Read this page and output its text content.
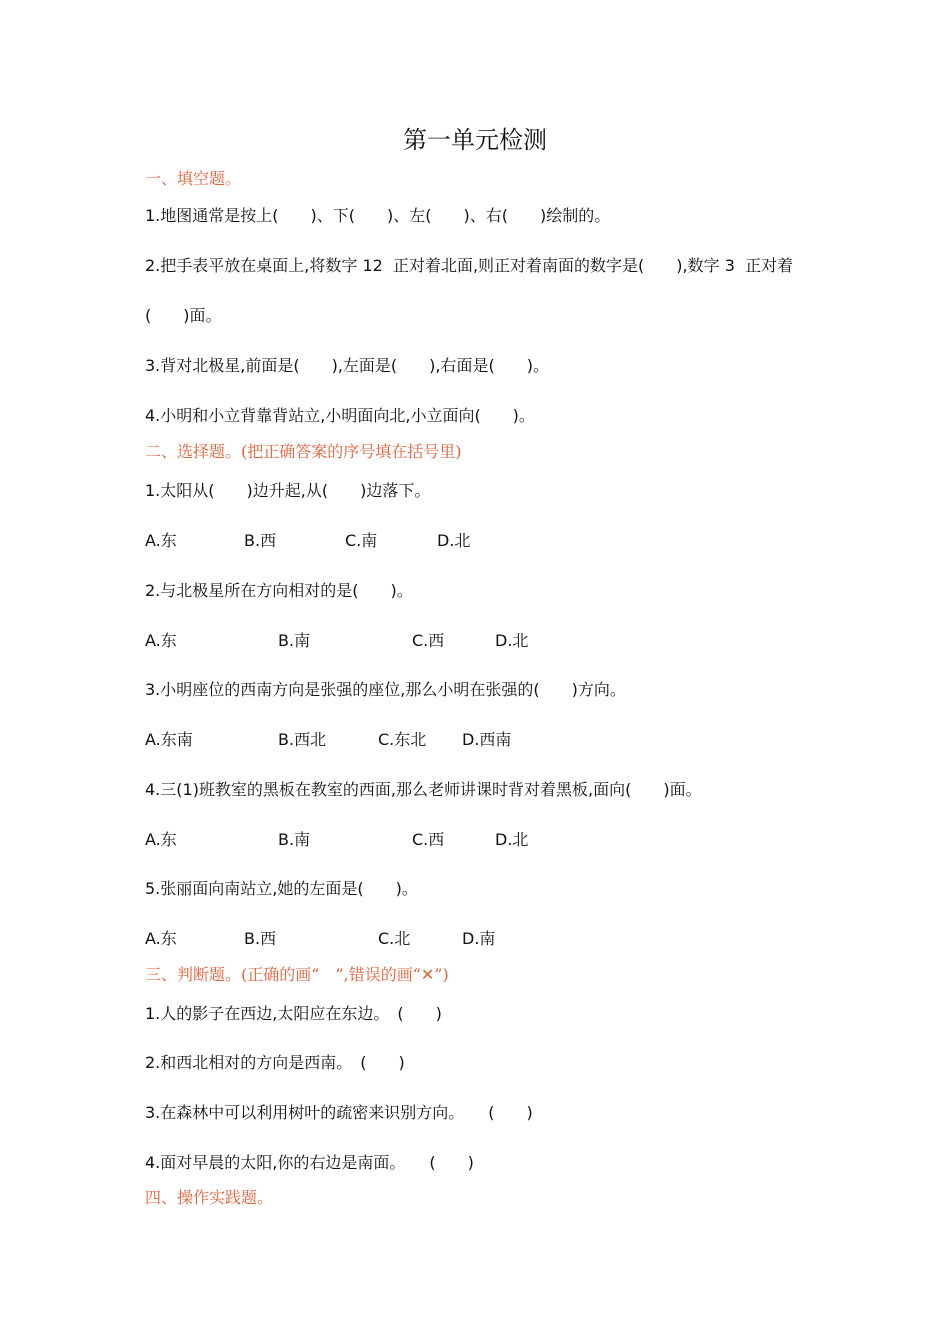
第一单元检测
一、填空题。
1.地图通常是按上(　　)、下(　　)、左(　　)、右(　　)绘制的。
2.把手表平放在桌面上,将数字 12  正对着北面,则正对着南面的数字是(　　),数字 3  正对着
(　　)面。
3.背对北极星,前面是(　　),左面是(　　),右面是(　　)。
4.小明和小立背靠背站立,小明面向北,小立面向(　　)。
二、选择题。(把正确答案的序号填在括号里)
1.太阳从(　　)边升起,从(　　)边落下。
A.东	B.西	C.南	D.北
2.与北极星所在方向相对的是(　　)。
A.东	B.南	C.西	D.北
3.小明座位的西南方向是张强的座位,那么小明在张强的(　　)方向。
A.东南	B.西北	C.东北 D.西南
4.三(1)班教室的黑板在教室的西面,那么老师讲课时背对着黑板,面向(　　)面。
A.东	B.南	C.西	D.北
5.张丽面向南站立,她的左面是(　　)。
A.东	B.西	C.北	D.南
三、判断题。(正确的画“　”,错误的画“✕”)
1.人的影子在西边,太阳应在东边。　(　　)
2.和西北相对的方向是西南。　(　　)
3.在森林中可以利用树叶的疏密来识别方向。　　(　　)
4.面对早晨的太阳,你的右边是南面。　　(　　)
四、操作实践题。
